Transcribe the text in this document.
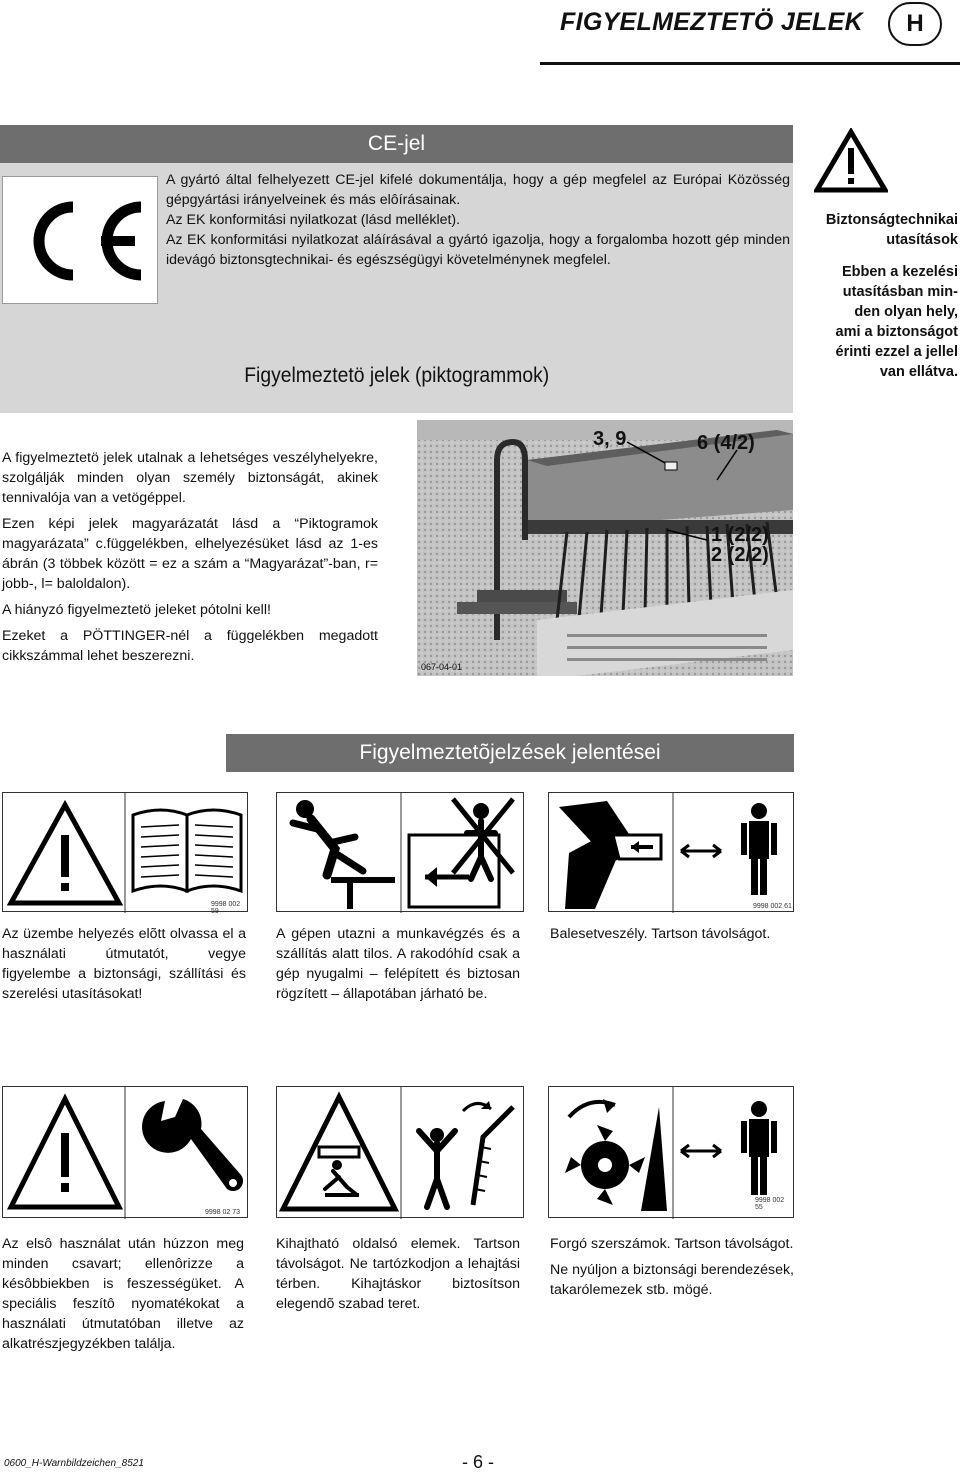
FIGYELMEZTETÖ JELEK	H
CE-jel

A gyártó által felhelyezett CE-jel kifelé dokumentálja, hogy a gép megfelel az Európai Közösség gépgyártási irányelveinek és más elôírásainak.

Az EK konformitási nyilatkozat (lásd melléklet).

Az EK konformitási nyilatkozat aláírásával a gyártó igazolja, hogy a forgalomba hozott gép minden idevágó biztonsgtechnikai- és egészségügyi követelménynek megfelel.

Figyelmeztetö jelek (piktogrammok)
Biztonságtechnikai
utasítások
Ebben a kezelési
utasításban min-
den olyan hely,
ami a biztonságot
érinti ezzel a jellel
van ellátva.

A figyelmeztetö jelek utalnak a lehetséges veszélyhelyekre, szolgálják minden olyan személy biztonságát, akinek tennivalója van a vetögéppel.

Ezen képi jelek magyarázatát lásd a “Piktogramok magyarázata” c.függelékben, elhelyezésüket lásd az 1-es ábrán (3 többek között = ez a szám a “Magyarázat”-ban, r= jobb-, l= baloldalon).

A hiányzó figyelmeztetö jeleket pótolni kell!

Ezeket a PÖTTINGER-nél a függelékben megadott cikkszámmal lehet beszerezni.

3, 9	6 (4/2)
1 (2/2)
2 (2/2)
067-04-01
Figyelmeztetõjelzések jelentései
9998 002 59
9998 002 61
Az üzembe helyezés elõtt olvassa el a használati útmutatót, vegye figyelembe a biztonsági, szállítási és szerelési utasításokat!
A gépen utazni a munkavégzés és a szállítás alatt tilos. A rakodóhíd csak a gép nyugalmi – felépített és biztosan rögzített – állapotában járható be.
Balesetveszély. Tartson távolságot.
9998 02 73
9998 002 55
Az elsô használat után húzzon meg minden csavart; ellenôrizze a késôbbiekben is feszességüket. A speciális feszítô nyomatékokat a használati útmutatóban illetve az alkatrészjegyzékben találja.
Kihajtható oldalsó elemek. Tartson távolságot. Ne tartózkodjon a lehajtási térben. Kihajtáskor biztosítson elegendõ szabad teret.
Forgó szerszámok. Tartson távolságot.
Ne nyúljon a biztonsági berendezések, takarólemezek stb. mögé.
0600_H-Warnbildzeichen_8521	- 6 -
